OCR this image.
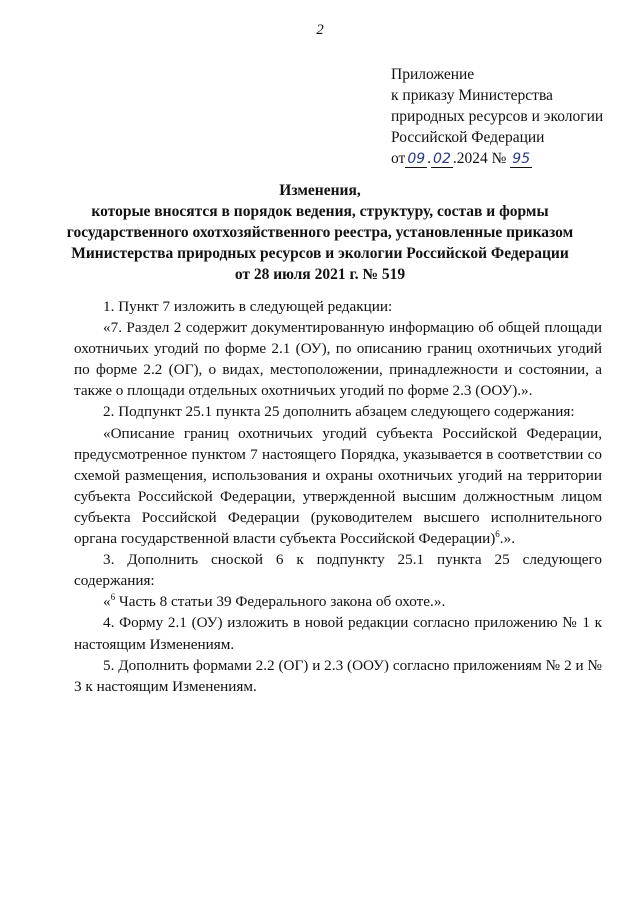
2
Приложение
к приказу Министерства
природных ресурсов и экологии
Российской Федерации
от 09 . 02 .2024 № 95
Изменения,
которые вносятся в порядок ведения, структуру, состав и формы
государственного охотхозяйственного реестра, установленные приказом
Министерства природных ресурсов и экологии Российской Федерации
от 28 июля 2021 г. № 519

1. Пункт 7 изложить в следующей редакции:

«7. Раздел 2 содержит документированную информацию об общей площади охотничьих угодий по форме 2.1 (ОУ), по описанию границ охотничьих угодий по форме 2.2 (ОГ), о видах, местоположении, принадлежности и состоянии, а также о площади отдельных охотничьих угодий по форме 2.3 (ООУ).».

2. Подпункт 25.1 пункта 25 дополнить абзацем следующего содержания:

«Описание границ охотничьих угодий субъекта Российской Федерации, предусмотренное пунктом 7 настоящего Порядка, указывается в соответствии со схемой размещения, использования и охраны охотничьих угодий на территории субъекта Российской Федерации, утвержденной высшим должностным лицом субъекта Российской Федерации (руководителем высшего исполнительного органа государственной власти субъекта Российской Федерации)$^6$.».

3. Дополнить сноской 6 к подпункту 25.1 пункта 25 следующего содержания:

«$^6$ Часть 8 статьи 39 Федерального закона об охоте.».

4. Форму 2.1 (ОУ) изложить в новой редакции согласно приложению № 1 к настоящим Изменениям.

5. Дополнить формами 2.2 (ОГ) и 2.3 (ООУ) согласно приложениям № 2 и № 3 к настоящим Изменениям.
